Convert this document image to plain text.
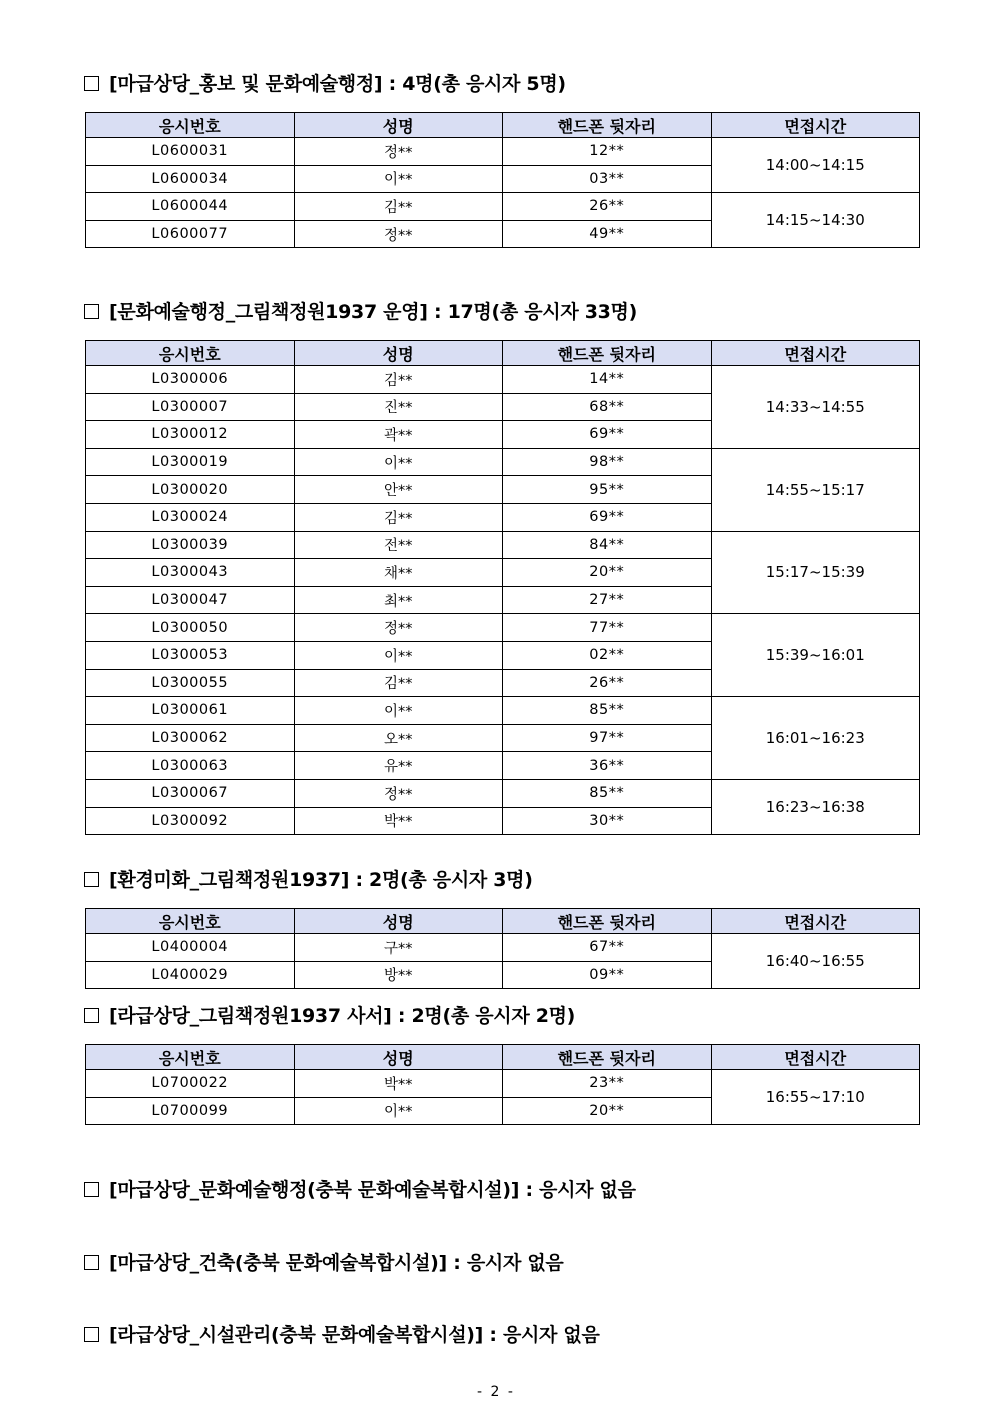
[마급상당_홍보 및 문화예술행정] : 4명(총 응시자 5명)
응시번호	성명	핸드폰 뒷자리	면접시간
L0600031	정**	12**	14:00~14:15
L0600034	이**	03**	
L0600044	김**	26**	14:15~14:30
L0600077	정**	49**	
[문화예술행정_그림책정원1937 운영] : 17명(총 응시자 33명)
응시번호	성명	핸드폰 뒷자리	면접시간
L0300006	김**	14**	14:33~14:55
L0300007	진**	68**	
L0300012	곽**	69**	
L0300019	이**	98**	14:55~15:17
L0300020	안**	95**	
L0300024	김**	69**	
L0300039	전**	84**	15:17~15:39
L0300043	채**	20**	
L0300047	최**	27**	
L0300050	정**	77**	15:39~16:01
L0300053	이**	02**	
L0300055	김**	26**	
L0300061	이**	85**	16:01~16:23
L0300062	오**	97**	
L0300063	유**	36**	
L0300067	정**	85**	16:23~16:38
L0300092	박**	30**	
[환경미화_그림책정원1937] : 2명(총 응시자 3명)
응시번호	성명	핸드폰 뒷자리	면접시간
L0400004	구**	67**	16:40~16:55
L0400029	방**	09**	
[라급상당_그림책정원1937 사서] : 2명(총 응시자 2명)
응시번호	성명	핸드폰 뒷자리	면접시간
L0700022	박**	23**	16:55~17:10
L0700099	이**	20**	
[마급상당_문화예술행정(충북 문화예술복합시설)] : 응시자 없음
[마급상당_건축(충북 문화예술복합시설)] : 응시자 없음
[라급상당_시설관리(충북 문화예술복합시설)] : 응시자 없음
- 2 -
